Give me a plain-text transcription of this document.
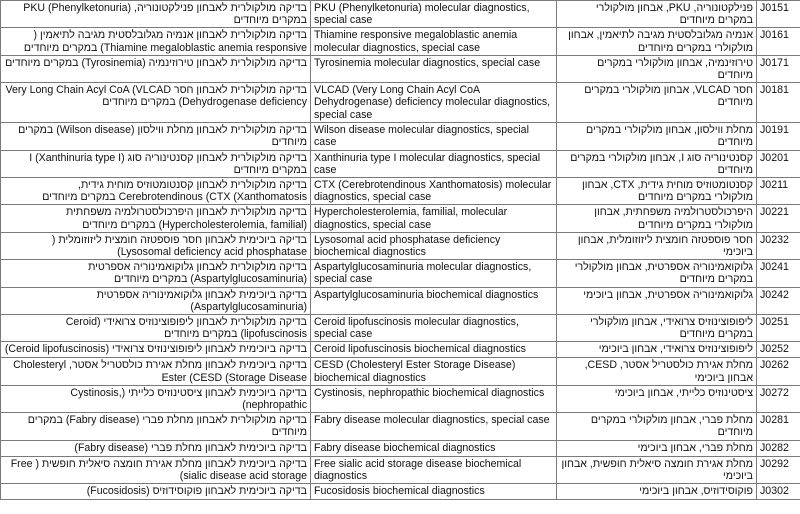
בדיקה מולקולרית לאבחון פנילקטונוריה, PKU (Phenylketonuria) במקרים מיוחדים	PKU (Phenylketonuria) molecular diagnostics, special case	פנילקטונוריה, PKU, אבחון מולקולרי במקרים מיוחדים	J0151
בדיקה מולקולרית לאבחון אנמיה מגלובלסטית מגיבה לתיאמין ( Thiamine megaloblastic anemia responsive) במקרים מיוחדים	Thiamine responsive megaloblastic anemia molecular diagnostics, special case	אנמיה מגלובלסטית מגיבה לתיאמין, אבחון מולקולרי במקרים מיוחדים	J0161
בדיקה מולקולרית לאבחון טירוזינמיה (Tyrosinemia) במקרים מיוחדים	Tyrosinemia molecular diagnostics, special case	טירוזינמיה, אבחון מולקולרי במקרים מיוחדים	J0171
בדיקה מולקולרית לאבחון חסר Very Long Chain Acyl CoA (VLCAD (Dehydrogenase deficiency במקרים מיוחדים	VLCAD (Very Long Chain Acyl CoA Dehydrogenase) deficiency molecular diagnostics, special case	חסר VLCAD, אבחון מולקולרי במקרים מיוחדים	J0181
בדיקה מולקולרית לאבחון מחלת ווילסון (Wilson disease) במקרים מיוחדים	Wilson disease molecular diagnostics, special case	מחלת ווילסון, אבחון מולקולרי במקרים מיוחדים	J0191
בדיקה מולקולרית לאבחון קסנטינוריה סוג I (Xanthinuria type I) במקרים מיוחדים	Xanthinuria type I molecular diagnostics, special case	קסנטינוריה סוג I, אבחון מולקולרי במקרים מיוחדים	J0201
בדיקה מולקולרית לאבחון קסנטומטוזיס מוחית גידית, Cerebrotendinous (CTX (Xanthomatosis במקרים מיוחדים	CTX (Cerebrotendinous Xanthomatosis) molecular diagnostics, special case	קסנטומטוזיס מוחית גידית, CTX, אבחון מולקולרי במקרים מיוחדים	J0211
בדיקה מולקולרית לאבחון היפרכולסטרולמיה משפחתית (Hypercholesterolemia, familial) במקרים מיוחדים	Hypercholesterolemia, familial, molecular diagnostics, special case	היפרכולסטרולמיה משפחתית, אבחון מולקולרי במקרים מיוחדים	J0221
בדיקה ביוכימית לאבחון חסר פוספטזה חומצית ליזוזומלית ( Lysosomal deficiency acid phosphatase)	Lysosomal acid phosphatase deficiency biochemical diagnostics	חסר פוספטזה חומצית ליזוזומלית, אבחון ביוכימי	J0232
בדיקה מולקולרית לאבחון גלוקואמינוריה אספרטית (Aspartylglucosaminuria) במקרים מיוחדים	Aspartylglucosaminuria molecular diagnostics, special case	גלוקואמינוריה אספרטית, אבחון מולקולרי במקרים מיוחדים	J0241
בדיקה ביוכימית לאבחון גלוקואמינוריה אספרטית (Aspartylglucosaminuria)	Aspartylglucosaminuria biochemical diagnostics	גלוקואמינוריה אספרטית, אבחון ביוכימי	J0242
בדיקה מולקולרית לאבחון ליפופוצינוזיס צרואידי (Ceroid lipofuscinosis) במקרים מיוחדים	Ceroid lipofuscinosis molecular diagnostics, special case	ליפופוצינוזיס צרואידי, אבחון מולקולרי במקרים מיוחדים	J0251
בדיקה ביוכימית לאבחון ליפופוצינוזיס צרואידי (Ceroid lipofuscinosis)	Ceroid lipofuscinosis biochemical diagnostics	ליפופוצינוזיס צרואידי, אבחון ביוכימי	J0252
בדיקה ביוכימית לאבחון מחלת אגירת כולסטריל אסטר, Cholesteryl Ester (CESD (Storage Disease	CESD (Cholesteryl Ester Storage Disease) biochemical diagnostics	מחלת אגירת כולסטריל אסטר, CESD, אבחון ביוכימי	J0262
בדיקה ביוכימית לאבחון ציסטינוזיס כלייתי (Cystinosis, nephropathic)	Cystinosis, nephropathic biochemical diagnostics	ציסטינוזיס כלייתי, אבחון ביוכימי	J0272
בדיקה מולקולרית לאבחון מחלת פברי (Fabry disease) במקרים מיוחדים	Fabry disease molecular diagnostics, special case	מחלת פברי, אבחון מולקולרי במקרים מיוחדים	J0281
בדיקה ביוכימית לאבחון מחלת פברי (Fabry disease)	Fabry disease biochemical diagnostics	מחלת פברי, אבחון ביוכימי	J0282
בדיקה ביוכימית לאבחון מחלת אגירת חומצה סיאלית חופשית ( Free sialic disease acid storage)	Free sialic acid storage disease biochemical diagnostics	מחלת אגירת חומצה סיאלית חופשית, אבחון ביוכימי	J0292
בדיקה ביוכימית לאבחון פוקוסידוזיס (Fucosidosis)	Fucosidosis biochemical diagnostics	פוקוסידוזיס, אבחון ביוכימי	J0302
